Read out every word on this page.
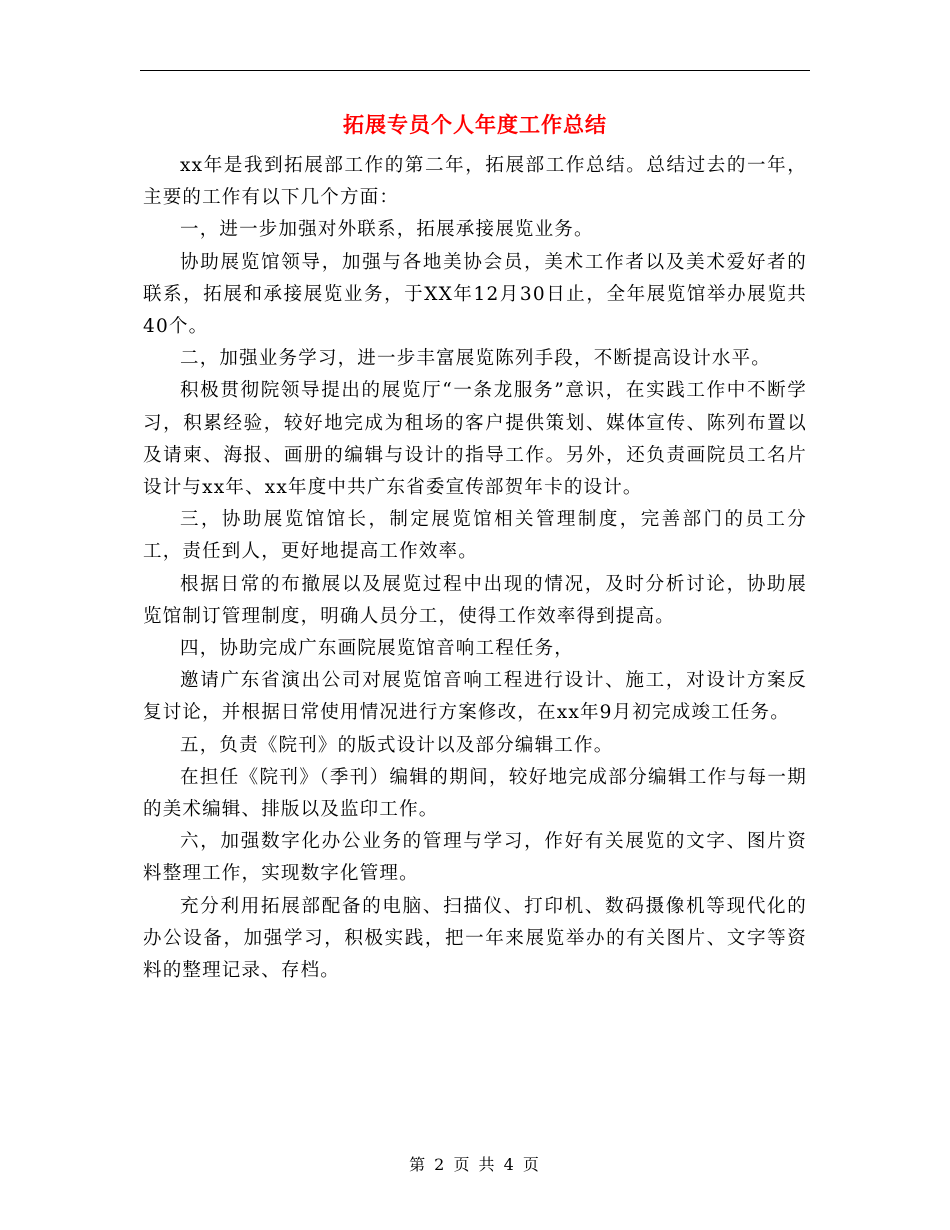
拓展专员个人年度工作总结

xx年是我到拓展部工作的第二年，拓展部工作总结。总结过去的一年，主要的工作有以下几个方面：

一，进一步加强对外联系，拓展承接展览业务。

协助展览馆领导，加强与各地美协会员，美术工作者以及美术爱好者的联系，拓展和承接展览业务，于XX年12月30日止，全年展览馆举办展览共40个。

二，加强业务学习，进一步丰富展览陈列手段，不断提高设计水平。

积极贯彻院领导提出的展览厅“一条龙服务”意识，在实践工作中不断学习，积累经验，较好地完成为租场的客户提供策划、媒体宣传、陈列布置以及请柬、海报、画册的编辑与设计的指导工作。另外，还负责画院员工名片设计与xx年、xx年度中共广东省委宣传部贺年卡的设计。

三，协助展览馆馆长，制定展览馆相关管理制度，完善部门的员工分工，责任到人，更好地提高工作效率。

根据日常的布撤展以及展览过程中出现的情况，及时分析讨论，协助展览馆制订管理制度，明确人员分工，使得工作效率得到提高。

四，协助完成广东画院展览馆音响工程任务，

邀请广东省演出公司对展览馆音响工程进行设计、施工，对设计方案反复讨论，并根据日常使用情况进行方案修改，在xx年9月初完成竣工任务。

五，负责《院刊》的版式设计以及部分编辑工作。

在担任《院刊》（季刊）编辑的期间，较好地完成部分编辑工作与每一期的美术编辑、排版以及监印工作。

六，加强数字化办公业务的管理与学习，作好有关展览的文字、图片资料整理工作，实现数字化管理。

充分利用拓展部配备的电脑、扫描仪、打印机、数码摄像机等现代化的办公设备，加强学习，积极实践，把一年来展览举办的有关图片、文字等资料的整理记录、存档。

第 2 页 共 4 页
